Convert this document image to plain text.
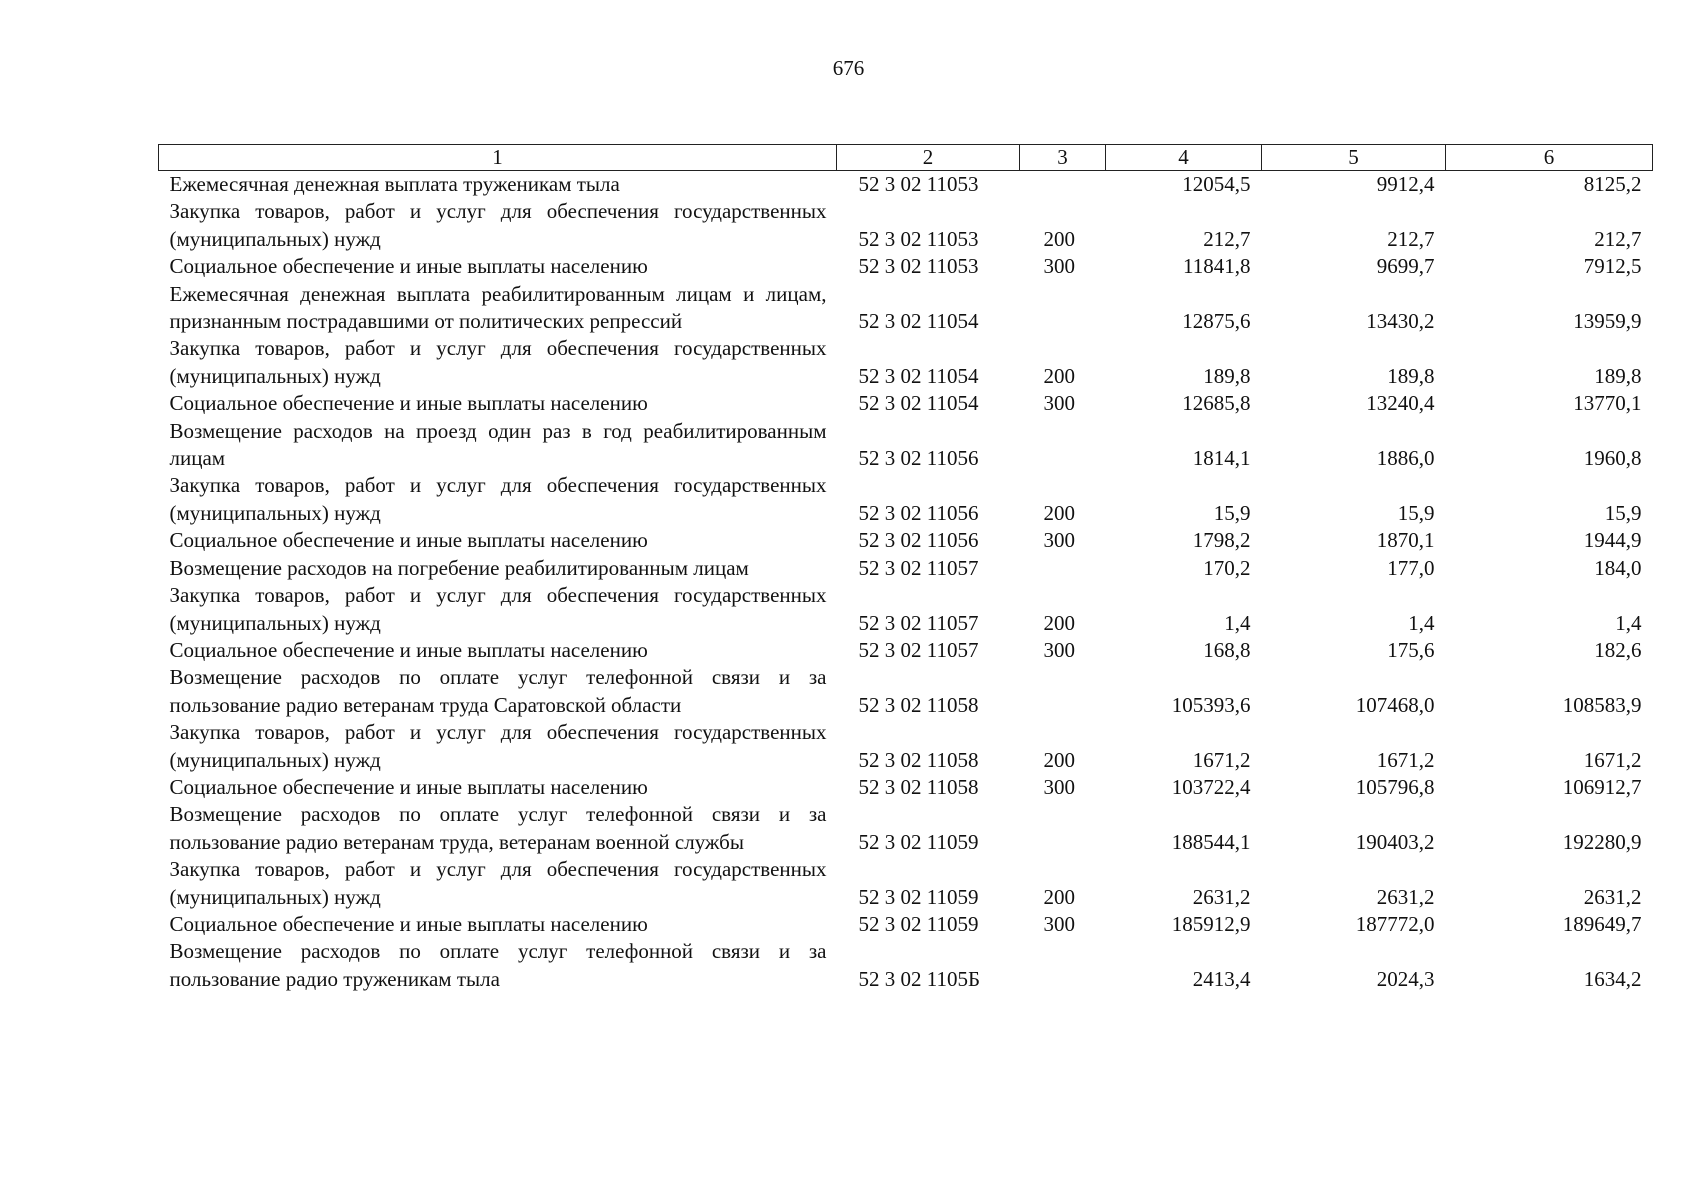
676
1	2	3	4	5	6
Ежемесячная денежная выплата труженикам тыла	52 3 02 11053		12054,5	9912,4	8125,2
Закупка товаров, работ и услуг для обеспечения государственных (муниципальных) нужд	52 3 02 11053	200	212,7	212,7	212,7
Социальное обеспечение и иные выплаты населению	52 3 02 11053	300	11841,8	9699,7	7912,5
Ежемесячная денежная выплата реабилитированным лицам и лицам, признанным пострадавшими от политических репрессий	52 3 02 11054		12875,6	13430,2	13959,9
Закупка товаров, работ и услуг для обеспечения государственных (муниципальных) нужд	52 3 02 11054	200	189,8	189,8	189,8
Социальное обеспечение и иные выплаты населению	52 3 02 11054	300	12685,8	13240,4	13770,1
Возмещение расходов на проезд один раз в год реабилитированным лицам	52 3 02 11056		1814,1	1886,0	1960,8
Закупка товаров, работ и услуг для обеспечения государственных (муниципальных) нужд	52 3 02 11056	200	15,9	15,9	15,9
Социальное обеспечение и иные выплаты населению	52 3 02 11056	300	1798,2	1870,1	1944,9
Возмещение расходов на погребение реабилитированным лицам	52 3 02 11057		170,2	177,0	184,0
Закупка товаров, работ и услуг для обеспечения государственных (муниципальных) нужд	52 3 02 11057	200	1,4	1,4	1,4
Социальное обеспечение и иные выплаты населению	52 3 02 11057	300	168,8	175,6	182,6
Возмещение расходов по оплате услуг телефонной связи и за пользование радио ветеранам труда Саратовской области	52 3 02 11058		105393,6	107468,0	108583,9
Закупка товаров, работ и услуг для обеспечения государственных (муниципальных) нужд	52 3 02 11058	200	1671,2	1671,2	1671,2
Социальное обеспечение и иные выплаты населению	52 3 02 11058	300	103722,4	105796,8	106912,7
Возмещение расходов по оплате услуг телефонной связи и за пользование радио ветеранам труда, ветеранам военной службы	52 3 02 11059		188544,1	190403,2	192280,9
Закупка товаров, работ и услуг для обеспечения государственных (муниципальных) нужд	52 3 02 11059	200	2631,2	2631,2	2631,2
Социальное обеспечение и иные выплаты населению	52 3 02 11059	300	185912,9	187772,0	189649,7
Возмещение расходов по оплате услуг телефонной связи и за пользование радио труженикам тыла	52 3 02 1105Б		2413,4	2024,3	1634,2
